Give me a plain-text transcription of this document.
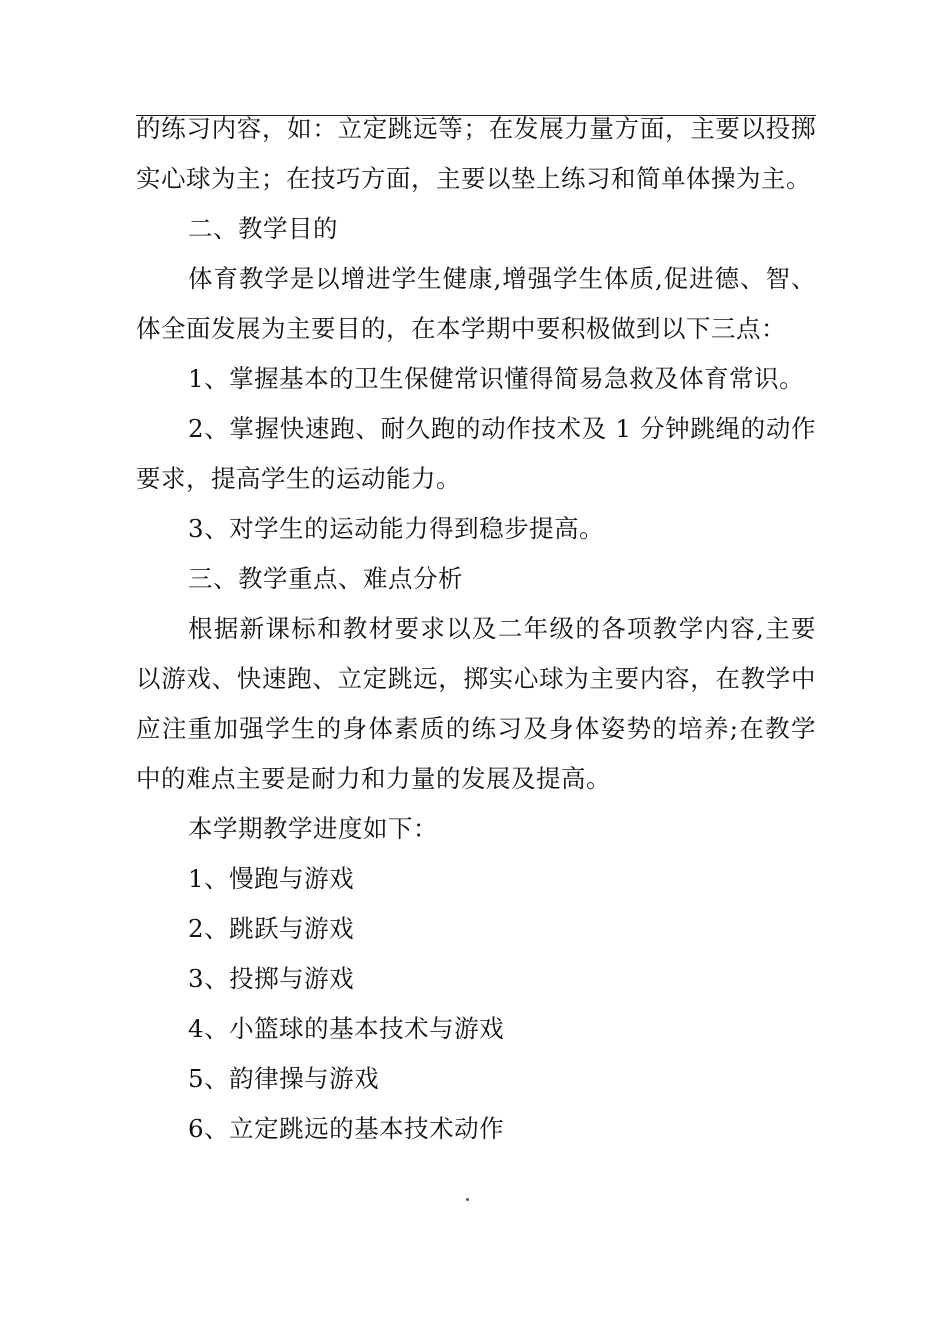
的练习内容，如：立定跳远等；在发展力量方面，主要以投掷
实心球为主；在技巧方面，主要以垫上练习和简单体操为主。
二、教学目的
体育教学是以增进学生健康,增强学生体质,促进德、智、
体全面发展为主要目的，在本学期中要积极做到以下三点：
1、掌握基本的卫生保健常识懂得简易急救及体育常识。
2、掌握快速跑、耐久跑的动作技术及 1 分钟跳绳的动作
要求，提高学生的运动能力。
3、对学生的运动能力得到稳步提高。
三、教学重点、难点分析
根据新课标和教材要求以及二年级的各项教学内容,主要
以游戏、快速跑、立定跳远，掷实心球为主要内容，在教学中
应注重加强学生的身体素质的练习及身体姿势的培养;在教学
中的难点主要是耐力和力量的发展及提高。
本学期教学进度如下：
1、慢跑与游戏
2、跳跃与游戏
3、投掷与游戏
4、小篮球的基本技术与游戏
5、韵律操与游戏
6、立定跳远的基本技术动作
